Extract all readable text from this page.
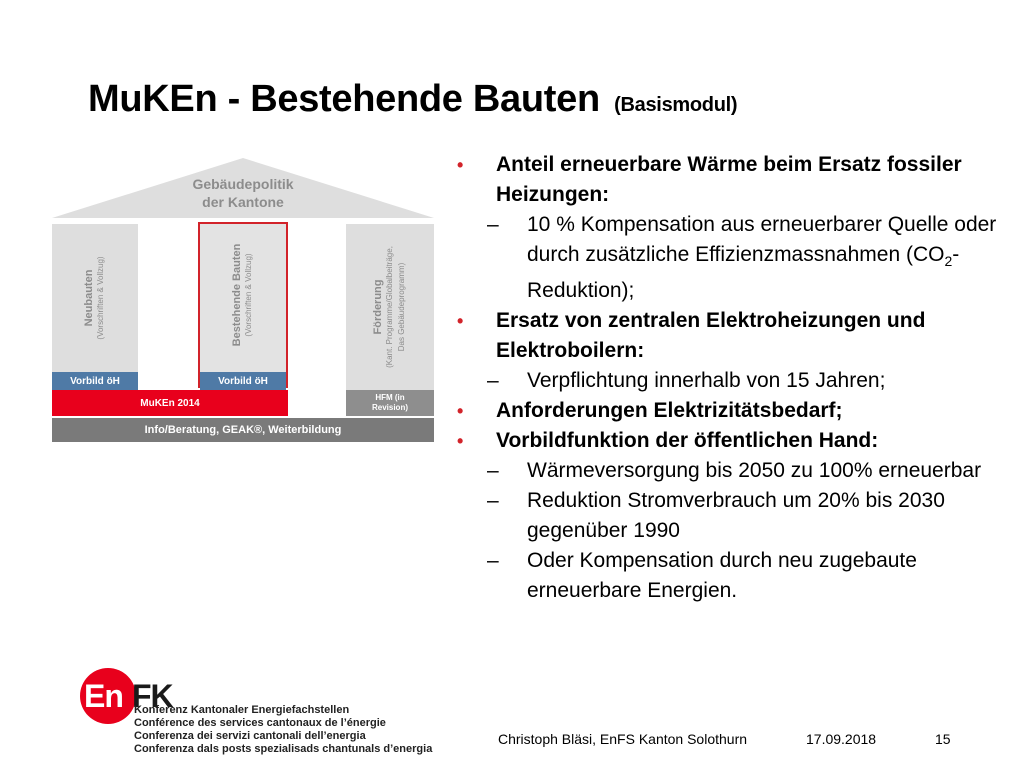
MuKEn - Bestehende Bauten (Basismodul)
Gebäudepolitik
der Kantone
Neubauten (Vorschriften & Vollzug)	Bestehende Bauten (Vorschriften & Vollzug)	Förderung (Kant. Programme/Globalbeiträge, Das Gebäudeprogramm)
Vorbild öH	Vorbild öH
MuKEn 2014	HFM (in
Revision)
Info/Beratung, GEAK®, Weiterbildung
• Anteil erneuerbare Wärme beim Ersatz fossiler Heizungen:
– 10 % Kompensation aus erneuerbarer Quelle oder durch zusätzliche Effizienzmassnahmen $(CO_2-Reduktion)$;
• Ersatz von zentralen Elektroheizungen und Elektroboilern:
– Verpflichtung innerhalb von 15 Jahren;
• Anforderungen Elektrizitätsbedarf;
• Vorbildfunktion der öffentlichen Hand:
– Wärmeversorgung bis 2050 zu 100% erneuerbar
– Reduktion Stromverbrauch um 20% bis 2030 gegenüber 1990
– Oder Kompensation durch neu zugebaute erneuerbare Energien.
En FK
Konferenz Kantonaler Energiefachstellen
Conférence des services cantonaux de l’énergie
Conferenza dei servizi cantonali dell’energia
Conferenza dals posts spezialisads chantunals d’energia
Christoph Bläsi, EnFS Kanton Solothurn	17.09.2018	15
